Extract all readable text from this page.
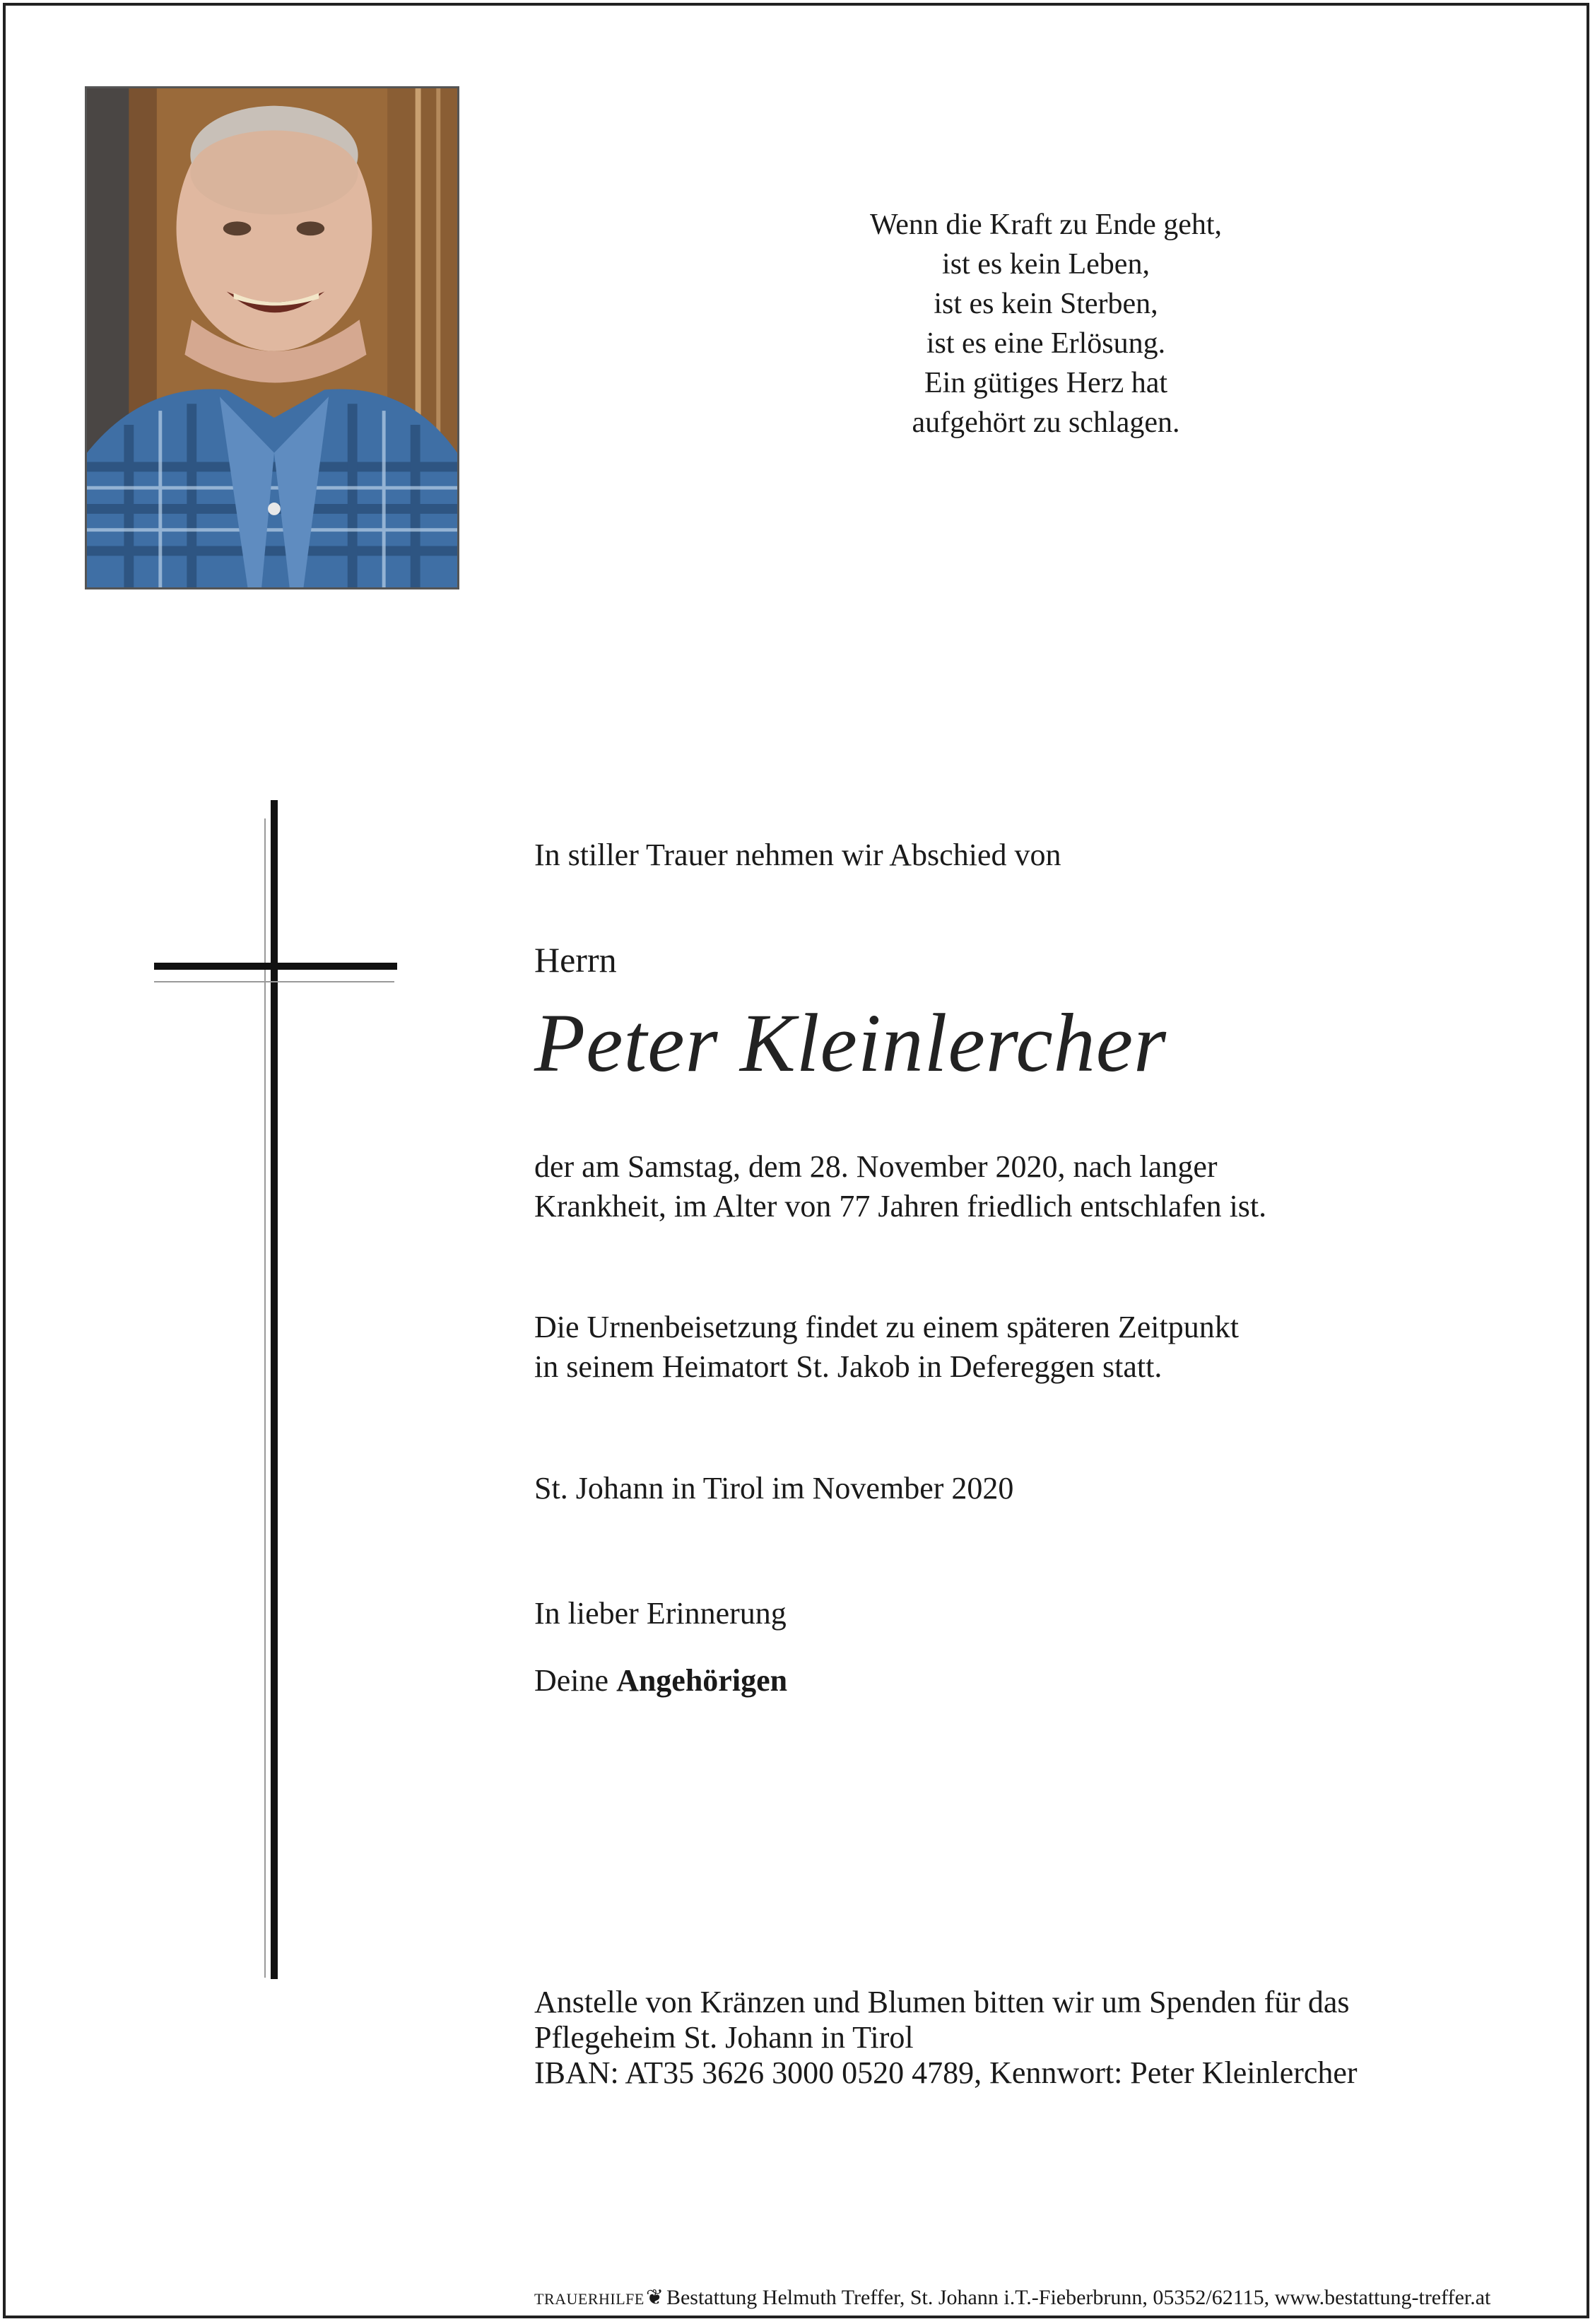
Wenn die Kraft zu Ende geht,
ist es kein Leben,
ist es kein Sterben,
ist es eine Erlösung.
Ein gütiges Herz hat
aufgehört zu schlagen.
In stiller Trauer nehmen wir Abschied von
Herrn
Peter Kleinlercher
der am Samstag, dem 28. November 2020, nach langer
Krankheit, im Alter von 77 Jahren friedlich entschlafen ist.
Die Urnenbeisetzung findet zu einem späteren Zeitpunkt
in seinem Heimatort St. Jakob in Defereggen statt.
St. Johann in Tirol im November 2020
In lieber Erinnerung
Deine Angehörigen
Anstelle von Kränzen und Blumen bitten wir um Spenden für das
Pflegeheim St. Johann in Tirol
IBAN: AT35 3626 3000 0520 4789, Kennwort: Peter Kleinlercher
TRAUERHILFE❦ Bestattung Helmuth Treffer, St. Johann i.T.-Fieberbrunn, 05352/62115, www.bestattung-treffer.at
